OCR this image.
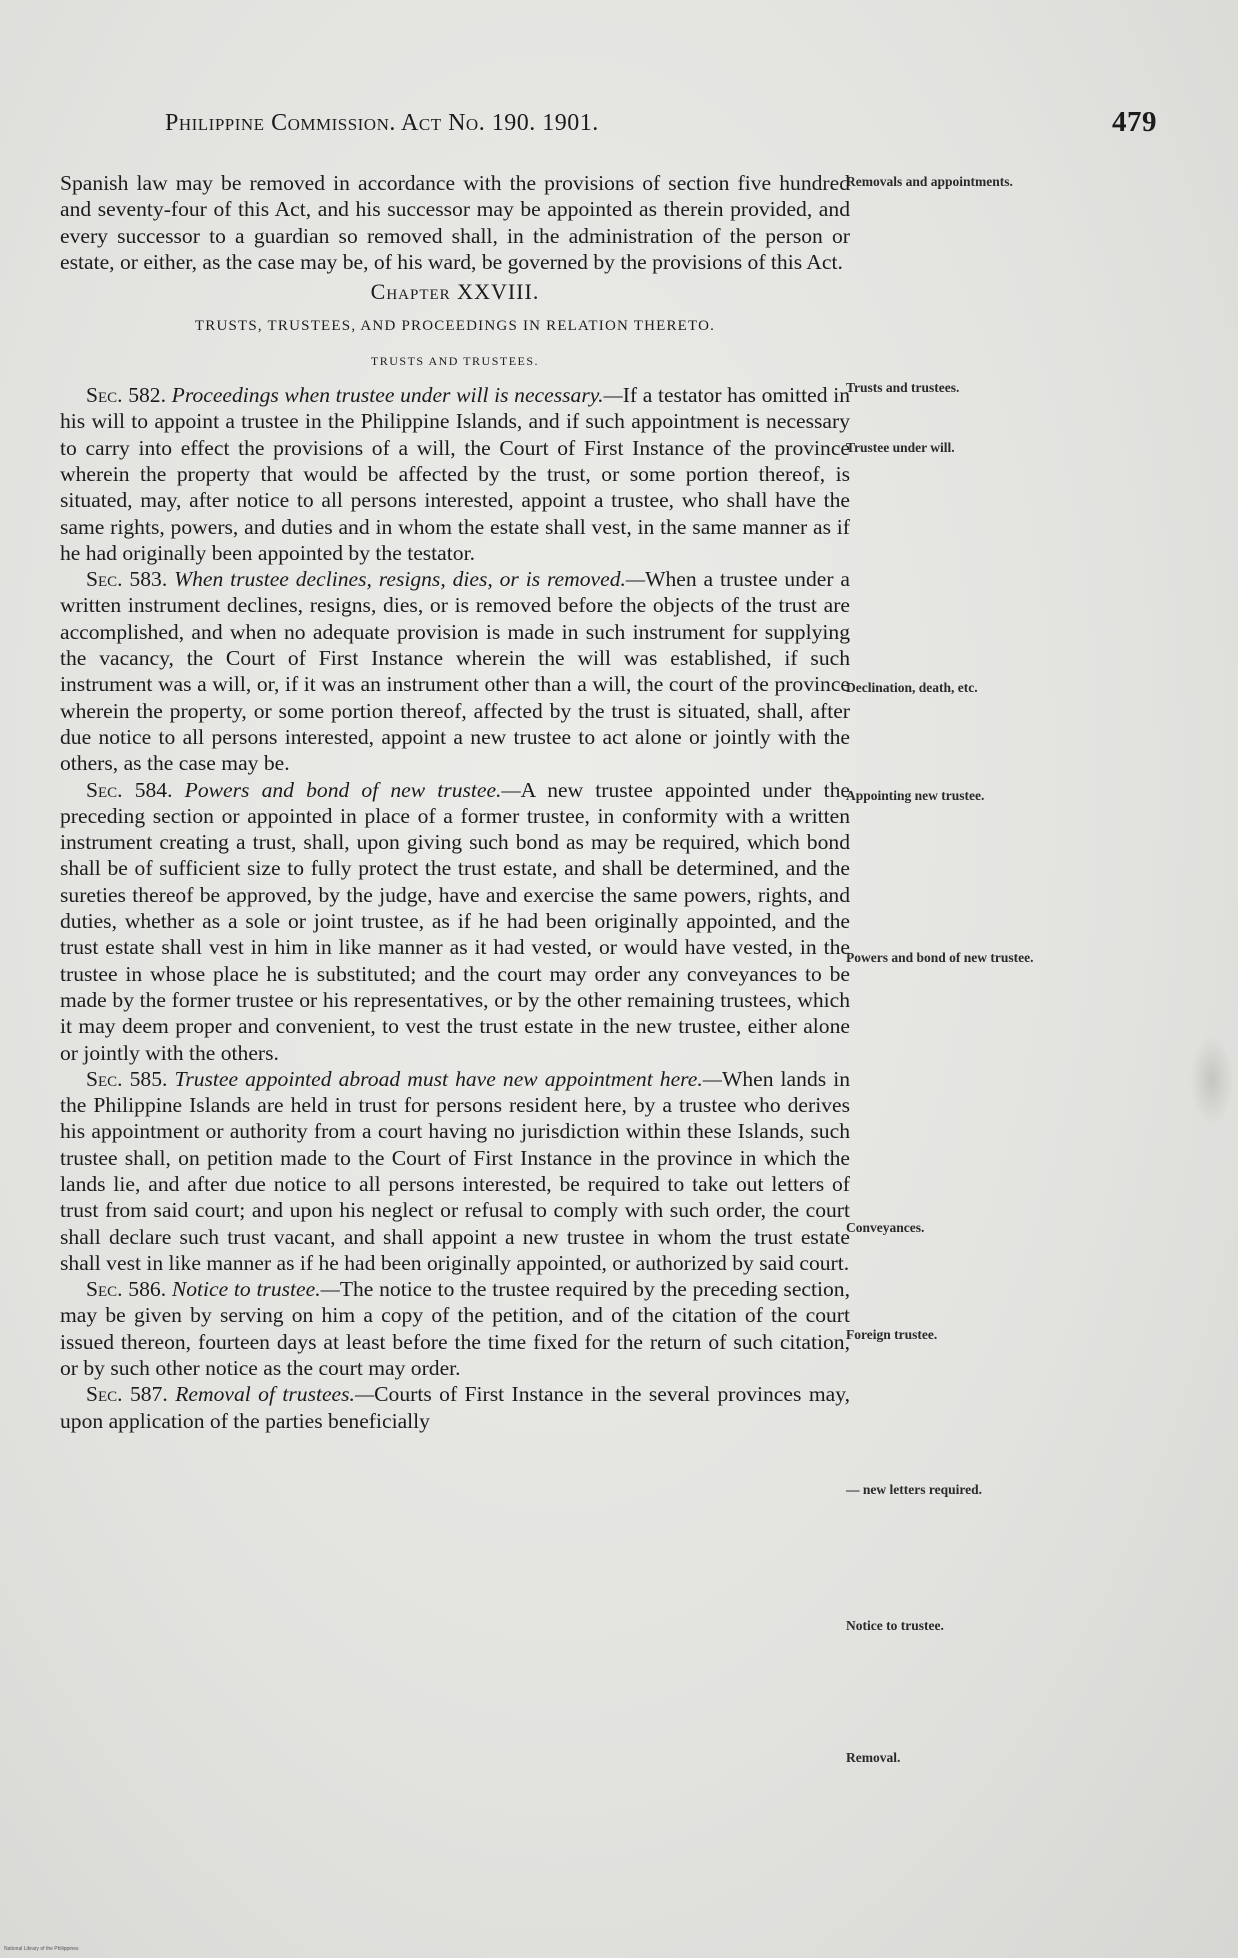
Philippine Commission. Act No. 190. 1901.	479

Spanish law may be removed in accordance with the provisions of section five hundred and seventy-four of this Act, and his successor may be appointed as therein provided, and every successor to a guardian so removed shall, in the administration of the person or estate, or either, as the case may be, of his ward, be governed by the provisions of this Act.

Chapter XXVIII.
TRUSTS, TRUSTEES, AND PROCEEDINGS IN RELATION THERETO.
TRUSTS AND TRUSTEES.

Sec. 582. Proceedings when trustee under will is necessary.—If a testator has omitted in his will to appoint a trustee in the Philippine Islands, and if such appointment is necessary to carry into effect the provisions of a will, the Court of First Instance of the province wherein the property that would be affected by the trust, or some portion thereof, is situated, may, after notice to all persons interested, appoint a trustee, who shall have the same rights, powers, and duties and in whom the estate shall vest, in the same manner as if he had originally been appointed by the testator.

Sec. 583. When trustee declines, resigns, dies, or is removed.—When a trustee under a written instrument declines, resigns, dies, or is removed before the objects of the trust are accomplished, and when no adequate provision is made in such instrument for supplying the vacancy, the Court of First Instance wherein the will was established, if such instrument was a will, or, if it was an instrument other than a will, the court of the province wherein the property, or some portion thereof, affected by the trust is situated, shall, after due notice to all persons interested, appoint a new trustee to act alone or jointly with the others, as the case may be.

Sec. 584. Powers and bond of new trustee.—A new trustee appointed under the preceding section or appointed in place of a former trustee, in conformity with a written instrument creating a trust, shall, upon giving such bond as may be required, which bond shall be of sufficient size to fully protect the trust estate, and shall be determined, and the sureties thereof be approved, by the judge, have and exercise the same powers, rights, and duties, whether as a sole or joint trustee, as if he had been originally appointed, and the trust estate shall vest in him in like manner as it had vested, or would have vested, in the trustee in whose place he is substituted; and the court may order any conveyances to be made by the former trustee or his representatives, or by the other remaining trustees, which it may deem proper and convenient, to vest the trust estate in the new trustee, either alone or jointly with the others.

Sec. 585. Trustee appointed abroad must have new appointment here.—When lands in the Philippine Islands are held in trust for persons resident here, by a trustee who derives his appointment or authority from a court having no jurisdiction within these Islands, such trustee shall, on petition made to the Court of First Instance in the province in which the lands lie, and after due notice to all persons interested, be required to take out letters of trust from said court; and upon his neglect or refusal to comply with such order, the court shall declare such trust vacant, and shall appoint a new trustee in whom the trust estate shall vest in like manner as if he had been originally appointed, or authorized by said court.

Sec. 586. Notice to trustee.—The notice to the trustee required by the preceding section, may be given by serving on him a copy of the petition, and of the citation of the court issued thereon, fourteen days at least before the time fixed for the return of such citation, or by such other notice as the court may order.

Sec. 587. Removal of trustees.—Courts of First Instance in the several provinces may, upon application of the parties beneficially

Removals and appointments.
Trusts and trustees.
Trustee under will.
Declination, death, etc.
Appointing new trustee.
Powers and bond of new trustee.
Conveyances.
Foreign trustee.
— new letters required.
Notice to trustee.
Removal.
National Library of the Philippines
